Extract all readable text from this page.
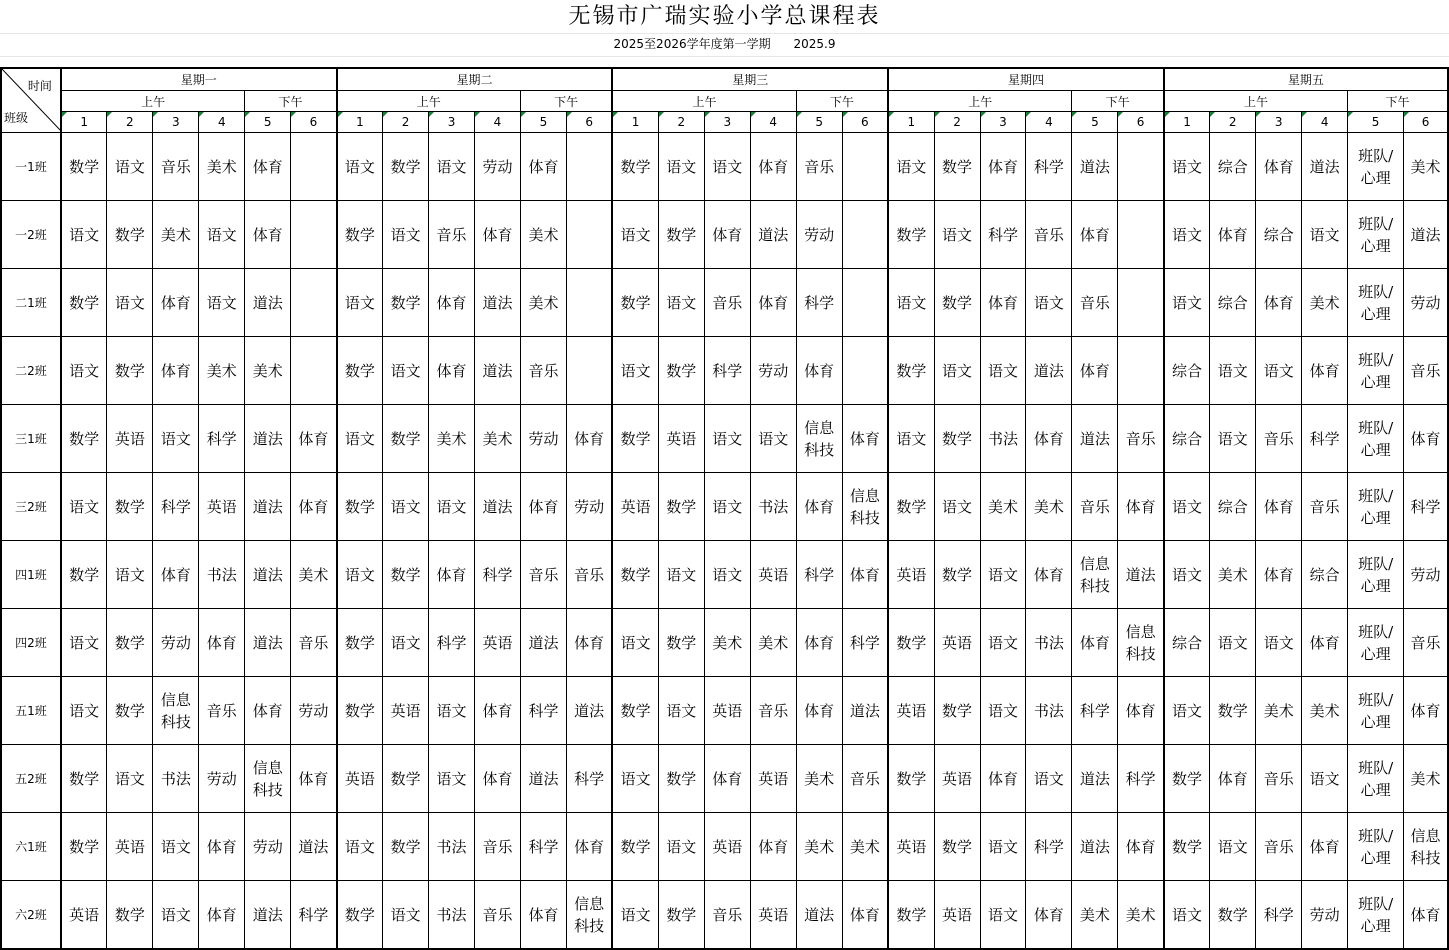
无锡市广瑞实验小学总课程表
2025至2026学年度第一学期      2025.9
时间
班级	星期一						星期二						星期三						星期四						星期五					
	上午				下午		上午				下午		上午				下午		上午				下午		上午				下午	

1	2	3	4	5	6	1	2	3	4	5	6	1	2	3	4	5	6	1	2	3	4	5	6	1	2	3	4	5	6
一1班	数学	语文	音乐	美术	体育		语文	数学	语文	劳动	体育		数学	语文	语文	体育	音乐		语文	数学	体育	科学	道法		语文	综合	体育	道法	班队/
心理	美术
一2班	语文	数学	美术	语文	体育		数学	语文	音乐	体育	美术		语文	数学	体育	道法	劳动		数学	语文	科学	音乐	体育		语文	体育	综合	语文	班队/
心理	道法
二1班	数学	语文	体育	语文	道法		语文	数学	体育	道法	美术		数学	语文	音乐	体育	科学		语文	数学	体育	语文	音乐		语文	综合	体育	美术	班队/
心理	劳动
二2班	语文	数学	体育	美术	美术		数学	语文	体育	道法	音乐		语文	数学	科学	劳动	体育		数学	语文	语文	道法	体育		综合	语文	语文	体育	班队/
心理	音乐
三1班	数学	英语	语文	科学	道法	体育	语文	数学	美术	美术	劳动	体育	数学	英语	语文	语文	信息
科技	体育	语文	数学	书法	体育	道法	音乐	综合	语文	音乐	科学	班队/
心理	体育
三2班	语文	数学	科学	英语	道法	体育	数学	语文	语文	道法	体育	劳动	英语	数学	语文	书法	体育	信息
科技	数学	语文	美术	美术	音乐	体育	语文	综合	体育	音乐	班队/
心理	科学
四1班	数学	语文	体育	书法	道法	美术	语文	数学	体育	科学	音乐	音乐	数学	语文	语文	英语	科学	体育	英语	数学	语文	体育	信息
科技	道法	语文	美术	体育	综合	班队/
心理	劳动
四2班	语文	数学	劳动	体育	道法	音乐	数学	语文	科学	英语	道法	体育	语文	数学	美术	美术	体育	科学	数学	英语	语文	书法	体育	信息
科技	综合	语文	语文	体育	班队/
心理	音乐
五1班	语文	数学	信息
科技	音乐	体育	劳动	数学	英语	语文	体育	科学	道法	数学	语文	英语	音乐	体育	道法	英语	数学	语文	书法	科学	体育	语文	数学	美术	美术	班队/
心理	体育
五2班	数学	语文	书法	劳动	信息
科技	体育	英语	数学	语文	体育	道法	科学	语文	数学	体育	英语	美术	音乐	数学	英语	体育	语文	道法	科学	数学	体育	音乐	语文	班队/
心理	美术
六1班	数学	英语	语文	体育	劳动	道法	语文	数学	书法	音乐	科学	体育	数学	语文	英语	体育	美术	美术	英语	数学	语文	科学	道法	体育	数学	语文	音乐	体育	班队/
心理	信息
科技
六2班	英语	数学	语文	体育	道法	科学	数学	语文	书法	音乐	体育	信息
科技	语文	数学	音乐	英语	道法	体育	数学	英语	语文	体育	美术	美术	语文	数学	科学	劳动	班队/
心理	体育
